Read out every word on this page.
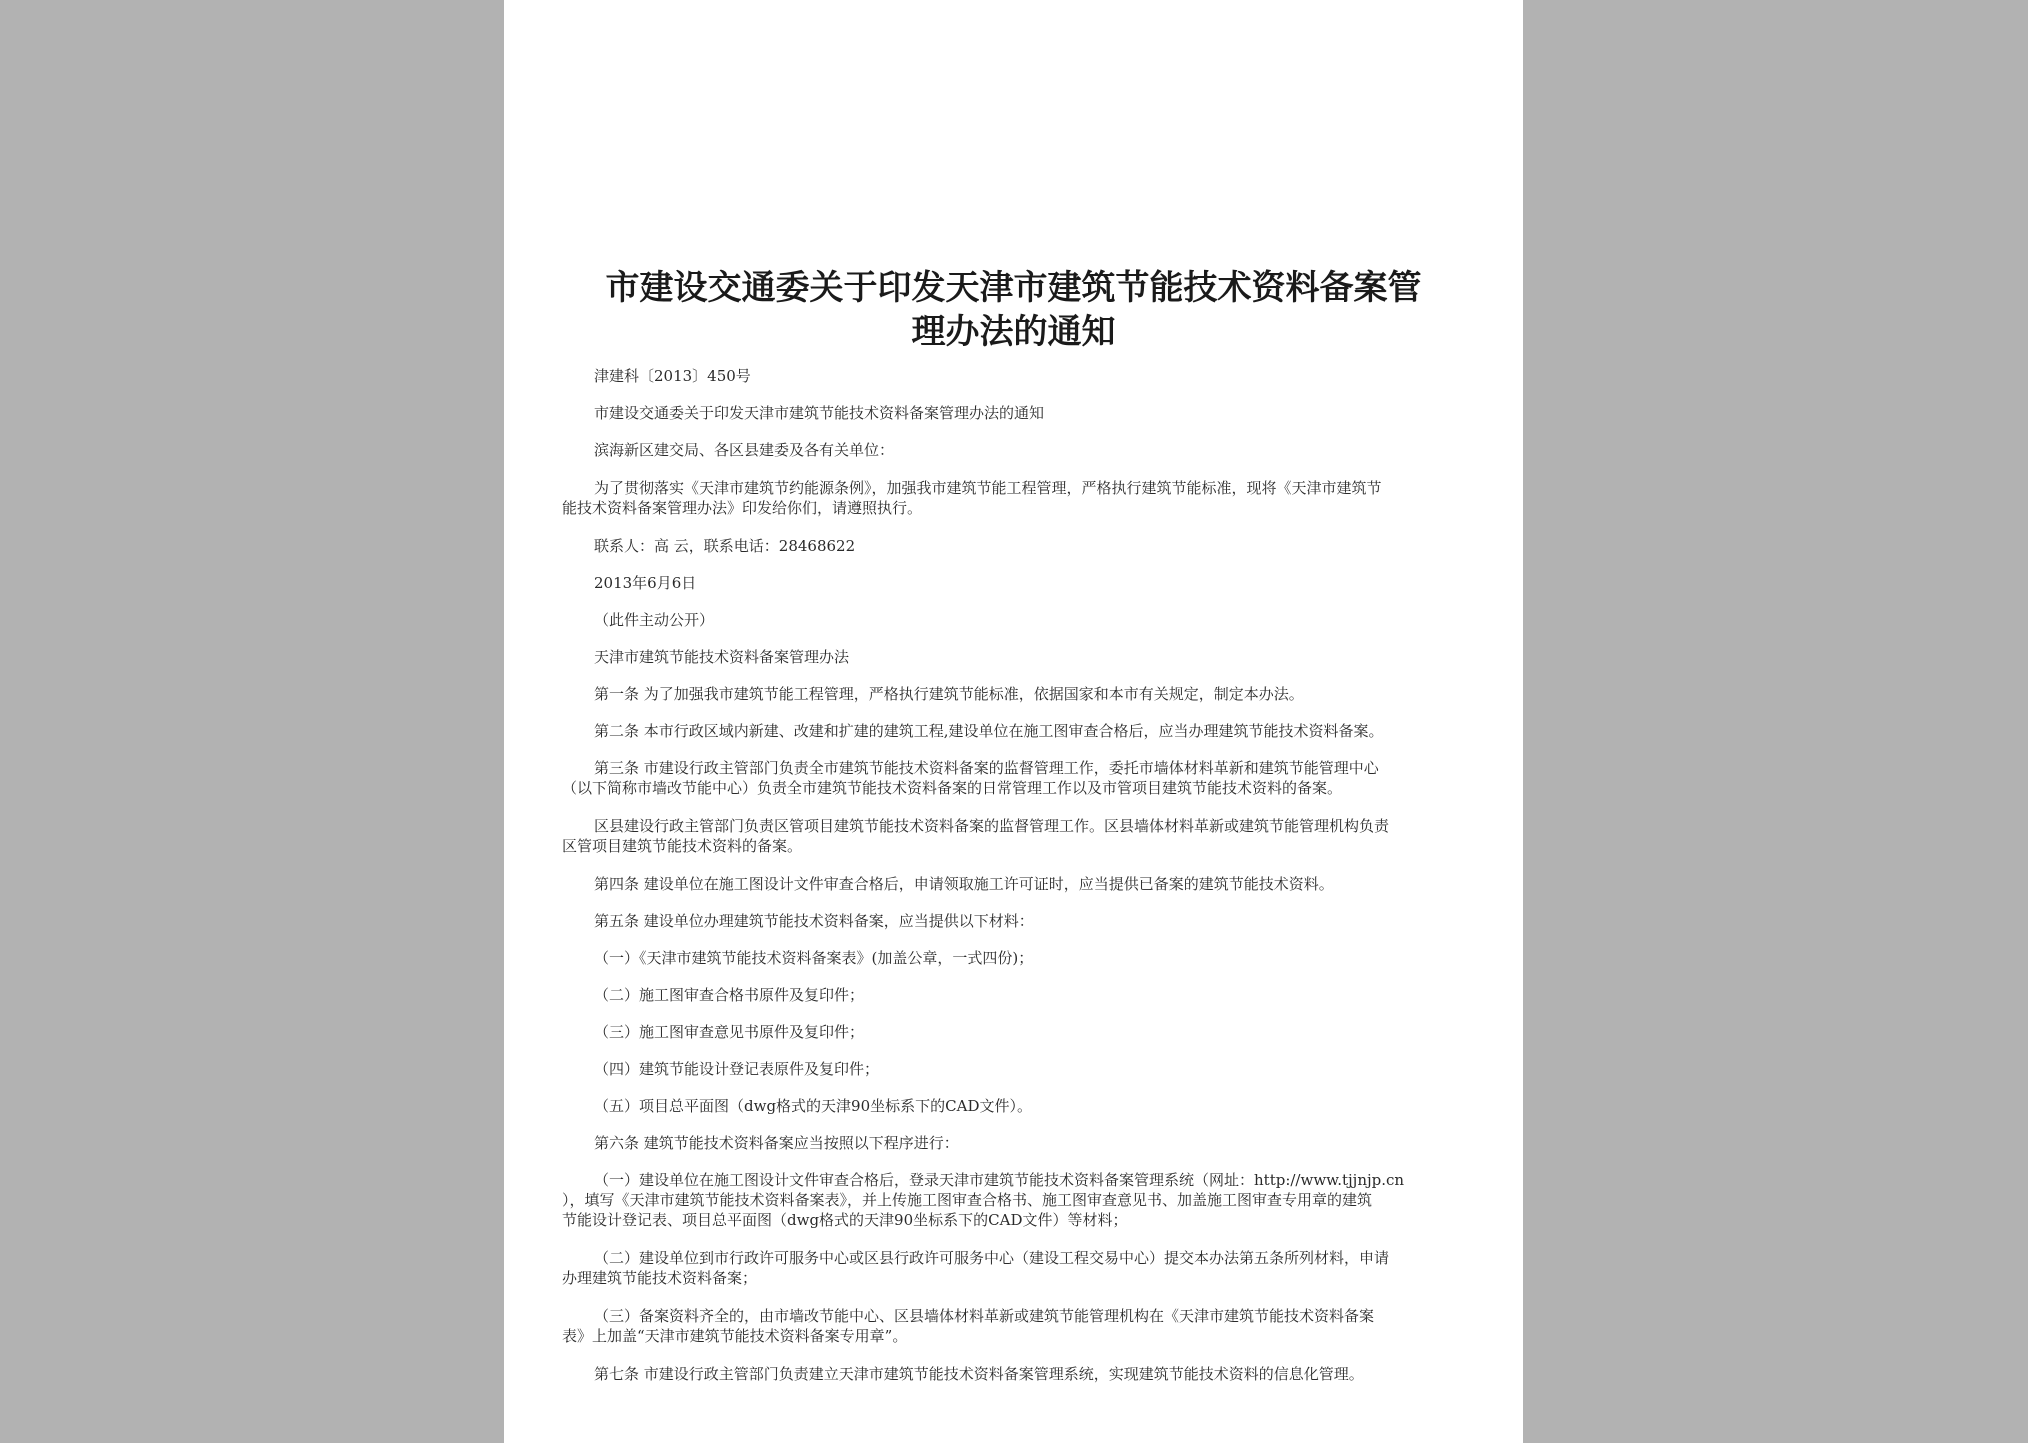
市建设交通委关于印发天津市建筑节能技术资料备案管

理办法的通知

津建科〔2013〕450号

市建设交通委关于印发天津市建筑节能技术资料备案管理办法的通知

滨海新区建交局、各区县建委及各有关单位：

为了贯彻落实《天津市建筑节约能源条例》，加强我市建筑节能工程管理，严格执行建筑节能标准，现将《天津市建筑节

能技术资料备案管理办法》印发给你们，请遵照执行。

联系人：高 云，联系电话：28468622

2013年6月6日

（此件主动公开）

天津市建筑节能技术资料备案管理办法

第一条 为了加强我市建筑节能工程管理，严格执行建筑节能标准，依据国家和本市有关规定，制定本办法。

第二条 本市行政区域内新建、改建和扩建的建筑工程,建设单位在施工图审查合格后，应当办理建筑节能技术资料备案。

第三条 市建设行政主管部门负责全市建筑节能技术资料备案的监督管理工作，委托市墙体材料革新和建筑节能管理中心

（以下简称市墙改节能中心）负责全市建筑节能技术资料备案的日常管理工作以及市管项目建筑节能技术资料的备案。

区县建设行政主管部门负责区管项目建筑节能技术资料备案的监督管理工作。区县墙体材料革新或建筑节能管理机构负责

区管项目建筑节能技术资料的备案。

第四条 建设单位在施工图设计文件审查合格后，申请领取施工许可证时，应当提供已备案的建筑节能技术资料。

第五条 建设单位办理建筑节能技术资料备案，应当提供以下材料：

（一）《天津市建筑节能技术资料备案表》(加盖公章，一式四份)；

（二）施工图审查合格书原件及复印件；

（三）施工图审查意见书原件及复印件；

（四）建筑节能设计登记表原件及复印件；

（五）项目总平面图（dwg格式的天津90坐标系下的CAD文件）。

第六条 建筑节能技术资料备案应当按照以下程序进行：

（一）建设单位在施工图设计文件审查合格后，登录天津市建筑节能技术资料备案管理系统（网址：http://www.tjjnjp.cn

），填写《天津市建筑节能技术资料备案表》，并上传施工图审查合格书、施工图审查意见书、加盖施工图审查专用章的建筑

节能设计登记表、项目总平面图（dwg格式的天津90坐标系下的CAD文件）等材料；

（二）建设单位到市行政许可服务中心或区县行政许可服务中心（建设工程交易中心）提交本办法第五条所列材料，申请

办理建筑节能技术资料备案；

（三）备案资料齐全的，由市墙改节能中心、区县墙体材料革新或建筑节能管理机构在《天津市建筑节能技术资料备案

表》上加盖“天津市建筑节能技术资料备案专用章”。

第七条 市建设行政主管部门负责建立天津市建筑节能技术资料备案管理系统，实现建筑节能技术资料的信息化管理。
